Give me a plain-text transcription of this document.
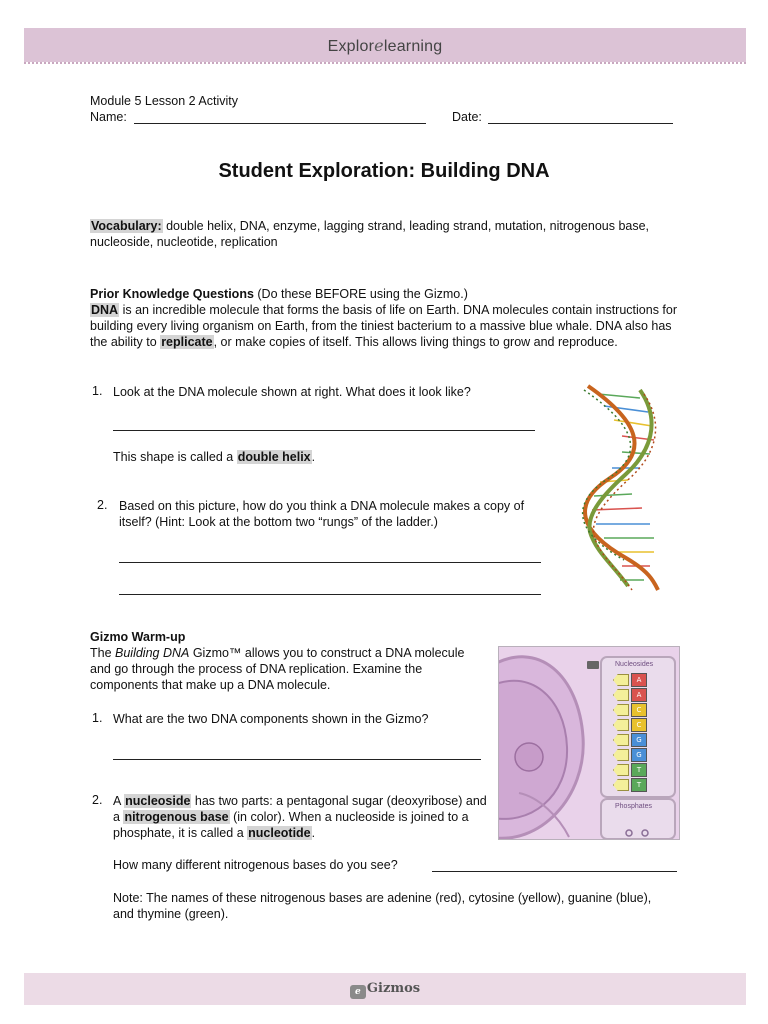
Explorelearning
Module 5 Lesson 2 Activity
Name:	Date:
Student Exploration: Building DNA
Vocabulary: double helix, DNA, enzyme, lagging strand, leading strand, mutation, nitrogenous base, nucleoside, nucleotide, replication
Prior Knowledge Questions (Do these BEFORE using the Gizmo.)
DNA is an incredible molecule that forms the basis of life on Earth. DNA molecules contain instructions for building every living organism on Earth, from the tiniest bacterium to a massive blue whale. DNA also has the ability to replicate, or make copies of itself. This allows living things to grow and reproduce.
1. Look at the DNA molecule shown at right. What does it look like?
This shape is called a double helix.
2. Based on this picture, how do you think a DNA molecule makes a copy of itself? (Hint: Look at the bottom two “rungs” of the ladder.)
Gizmo Warm-up
The Building DNA Gizmo™ allows you to construct a DNA molecule and go through the process of DNA replication. Examine the components that make up a DNA molecule.
1. What are the two DNA components shown in the Gizmo?
2. A nucleoside has two parts: a pentagonal sugar (deoxyribose) and a nitrogenous base (in color). When a nucleoside is joined to a phosphate, it is called a nucleotide.
How many different nitrogenous bases do you see?
Note: The names of these nitrogenous bases are adenine (red), cytosine (yellow), guanine (blue), and thymine (green).
Nucleosides
Phosphates
A
A
C
C
G
G
T
T
e Gizmos
